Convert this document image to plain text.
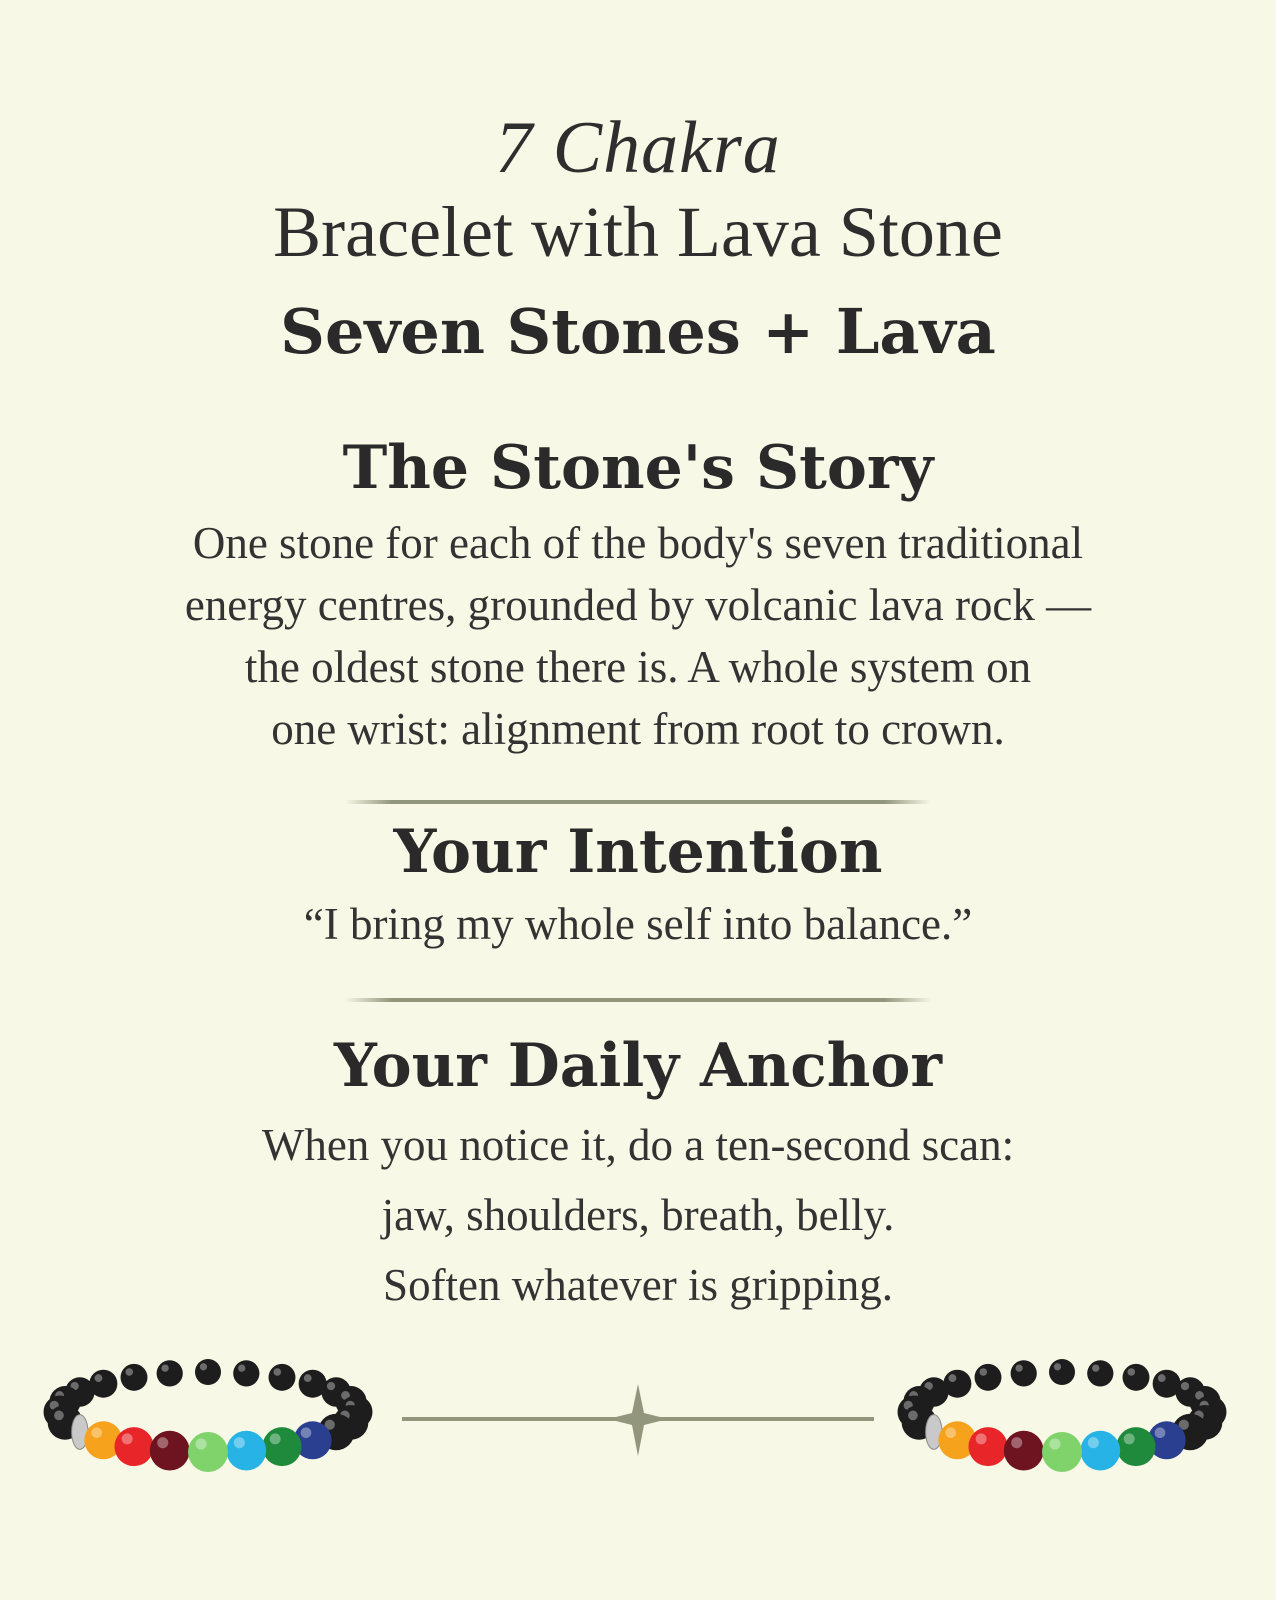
7 Chakra
Bracelet with Lava Stone
Seven Stones + Lava
The Stone's Story
One stone for each of the body's seven traditional
energy centres, grounded by volcanic lava rock —
the oldest stone there is. A whole system on
one wrist: alignment from root to crown.
Your Intention
“I bring my whole self into balance.”
Your Daily Anchor
When you notice it, do a ten-second scan:
jaw, shoulders, breath, belly.
Soften whatever is gripping.
